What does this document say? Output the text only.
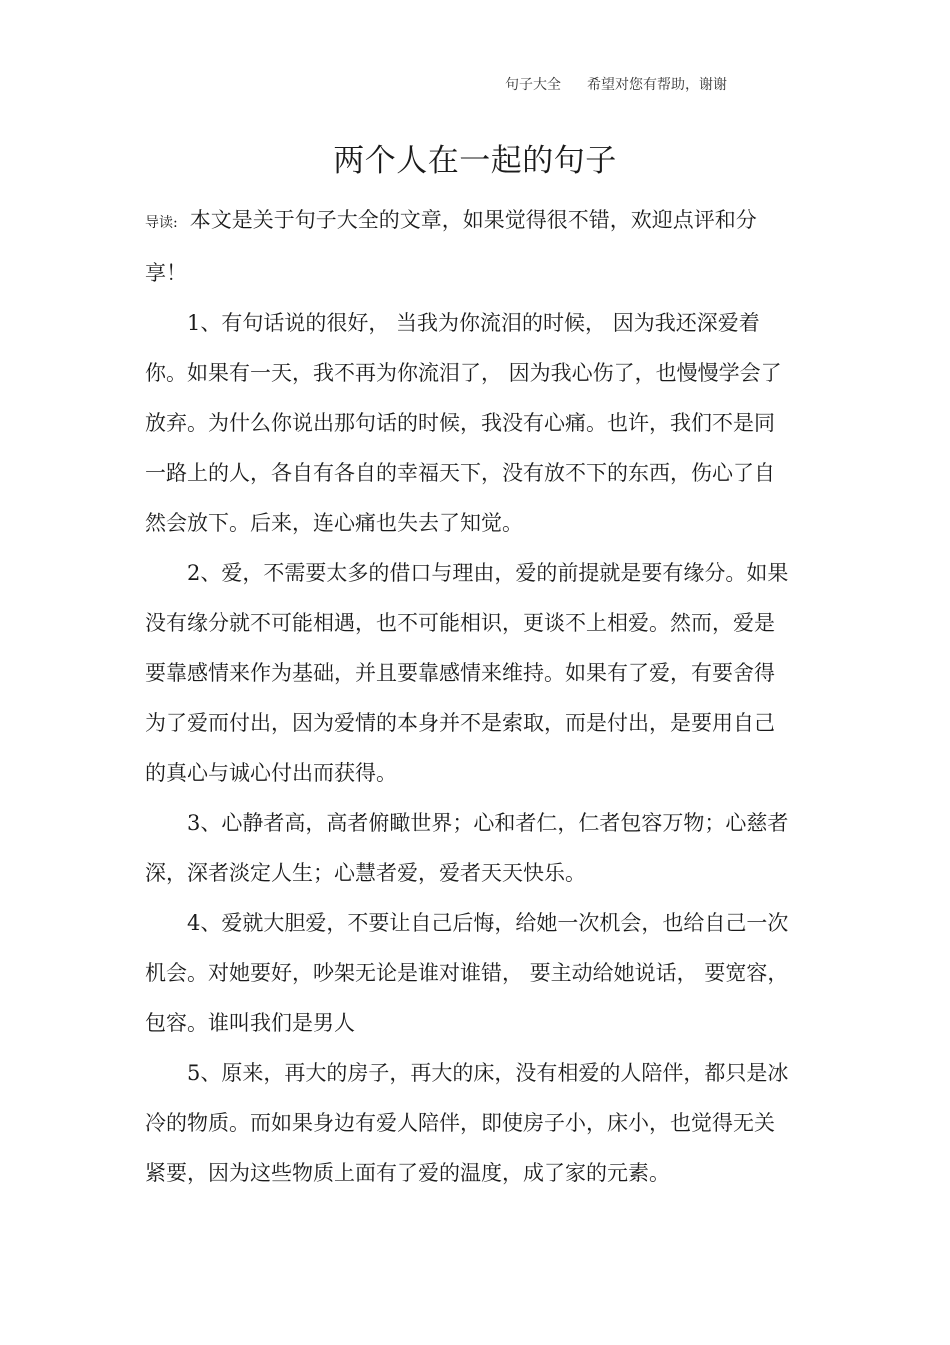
句子大全 希望对您有帮助，谢谢
两个人在一起的句子

导读: 本文是关于句子大全的文章，如果觉得很不错，欢迎点评和分享！

1、有句话说的很好， 当我为你流泪的时候， 因为我还深爱着你。如果有一天，我不再为你流泪了， 因为我心伤了，也慢慢学会了放弃。为什么你说出那句话的时候，我没有心痛。也许，我们不是同一路上的人，各自有各自的幸福天下，没有放不下的东西，伤心了自然会放下。后来，连心痛也失去了知觉。

2、爱，不需要太多的借口与理由，爱的前提就是要有缘分。如果没有缘分就不可能相遇，也不可能相识，更谈不上相爱。然而，爱是要靠感情来作为基础，并且要靠感情来维持。如果有了爱，有要舍得为了爱而付出，因为爱情的本身并不是索取，而是付出，是要用自己的真心与诚心付出而获得。

3、心静者高，高者俯瞰世界；心和者仁，仁者包容万物；心慈者深，深者淡定人生；心慧者爱，爱者天天快乐。

4、爱就大胆爱，不要让自己后悔，给她一次机会，也给自己一次机会。对她要好，吵架无论是谁对谁错， 要主动给她说话， 要宽容，包容。谁叫我们是男人

5、原来，再大的房子，再大的床，没有相爱的人陪伴，都只是冰冷的物质。而如果身边有爱人陪伴，即使房子小，床小，也觉得无关紧要，因为这些物质上面有了爱的温度，成了家的元素。
